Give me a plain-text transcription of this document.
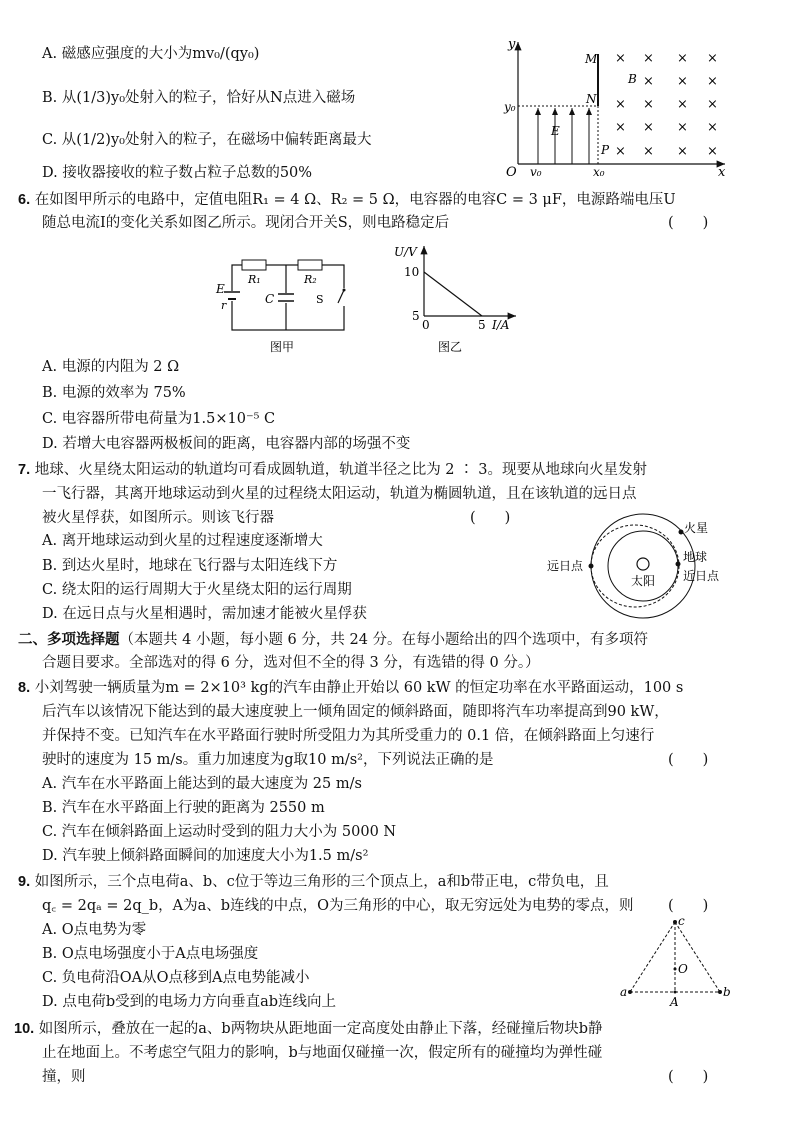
A. 磁感应强度的大小为mv₀/(qy₀)
B. 从(1/3)y₀处射入的粒子，恰好从N点进入磁场
C. 从(1/2)y₀处射入的粒子，在磁场中偏转距离最大
D. 接收器接收的粒子数占粒子总数的50%
y
x
O v₀	x₀
y₀
M
N
P
E
B
× × × ×
× × ×
× × × ×
× × × ×
× × × ×
6. 在如图甲所示的电路中，定值电阻R₁ = 4 Ω、R₂ = 5 Ω，电容器的电容C = 3 μF，电源路端电压U
随总电流I的变化关系如图乙所示。现闭合开关S，则电路稳定后	(　　)
R₁	R₂
C
E
r	S
图甲
U/V
10
5
0	5 I/A
图乙
A. 电源的内阻为 2 Ω
B. 电源的效率为 75%
C. 电容器所带电荷量为1.5×10⁻⁵ C
D. 若增大电容器两极板间的距离，电容器内部的场强不变
7. 地球、火星绕太阳运动的轨道均可看成圆轨道，轨道半径之比为 2 ∶ 3。现要从地球向火星发射
一飞行器，其离开地球运动到火星的过程绕太阳运动，轨道为椭圆轨道，且在该轨道的远日点
被火星俘获，如图所示。则该飞行器	(　　)
A. 离开地球运动到火星的过程速度逐渐增大
B. 到达火星时，地球在飞行器与太阳连线下方
C. 绕太阳的运行周期大于火星绕太阳的运行周期
D. 在远日点与火星相遇时，需加速才能被火星俘获
太阳
火星
地球
近日点
远日点
二、多项选择题（本题共 4 小题，每小题 6 分，共 24 分。在每小题给出的四个选项中，有多项符
合题目要求。全部选对的得 6 分，选对但不全的得 3 分，有选错的得 0 分。）
8. 小刘驾驶一辆质量为m = 2×10³ kg的汽车由静止开始以 60 kW 的恒定功率在水平路面运动，100 s
后汽车以该情况下能达到的最大速度驶上一倾角固定的倾斜路面，随即将汽车功率提高到90 kW，
并保持不变。已知汽车在水平路面行驶时所受阻力为其所受重力的 0.1 倍，在倾斜路面上匀速行
驶时的速度为 15 m/s。重力加速度为g取10 m/s²，下列说法正确的是	(　　)
A. 汽车在水平路面上能达到的最大速度为 25 m/s
B. 汽车在水平路面上行驶的距离为 2550 m
C. 汽车在倾斜路面上运动时受到的阻力大小为 5000 N
D. 汽车驶上倾斜路面瞬间的加速度大小为1.5 m/s²
9. 如图所示，三个点电荷a、b、c位于等边三角形的三个顶点上，a和b带正电，c带负电，且
q꜀ = 2qₐ = 2q_b，A为a、b连线的中点，O为三角形的中心，取无穷远处为电势的零点，则 (　　)
A. O点电势为零
B. O点电场强度小于A点电场强度
C. 负电荷沿OA从O点移到A点电势能减小
D. 点电荷b受到的电场力方向垂直ab连线向上
c
a	b
O
A
10. 如图所示，叠放在一起的a、b两物块从距地面一定高度处由静止下落，经碰撞后物块b静
止在地面上。不考虑空气阻力的影响，b与地面仅碰撞一次，假定所有的碰撞均为弹性碰
撞，则	(　　)
